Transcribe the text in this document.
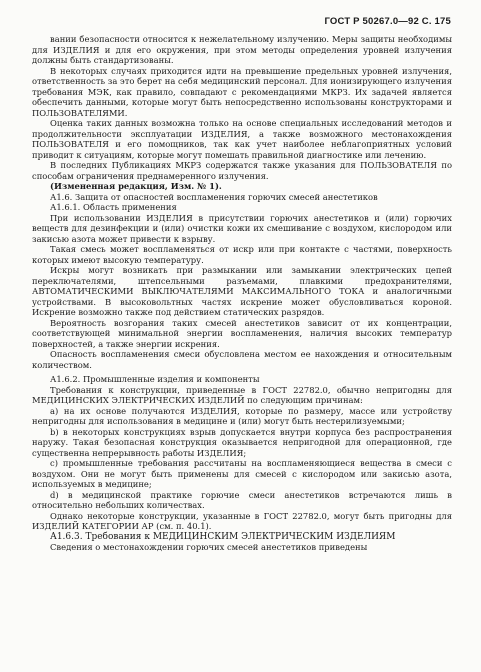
ГОСТ Р 50267.0—92 С. 175

вании безопасности относится к нежелательному излучению. Меры защиты необходимы для ИЗДЕЛИЯ и для его окружения, при этом методы определения уровней излучения должны быть стандартизованы.

В некоторых случаях приходится идти на превышение предельных уровней излучения, ответственность за это берет на себя медицинский персонал. Для ионизирующего излучения требования МЭК, как правило, совпадают с рекомендациями МКРЗ. Их задачей является обеспечить данными, которые могут быть непосредственно использованы конструкторами и ПОЛЬЗОВАТЕЛЯМИ.

Оценка таких данных возможна только на основе специальных исследований методов и продолжительности эксплуатации ИЗДЕЛИЯ, а также возможного местонахождения ПОЛЬЗОВАТЕЛЯ и его помощников, так как учет наиболее неблагоприятных условий приводит к ситуациям, которые могут помешать правильной диагностике или лечению.

В последних Публикациях МКРЗ содержатся также указания для ПОЛЬЗОВАТЕЛЯ по способам ограничения преднамеренного излучения.

(Измененная редакция, Изм. № 1).

А1.6. Защита от опасностей воспламенения горючих смесей анестетиков

А1.6.1. Область применения

При использовании ИЗДЕЛИЯ в присутствии горючих анестетиков и (или) горючих веществ для дезинфекции и (или) очистки кожи их смешивание с воздухом, кислородом или закисью азота может привести к взрыву.

Такая смесь может воспламеняться от искр или при контакте с частями, поверхность которых имеют высокую температуру.

Искры могут возникать при размыкании или замыкании электрических цепей переключателями, штепсельными разъемами, плавкими предохранителями, АВТОМАТИЧЕСКИМИ ВЫКЛЮЧАТЕЛЯМИ МАКСИМАЛЬНОГО ТОКА и аналогичными устройствами. В высоковольтных частях искрение может обусловливаться короной. Искрение возможно также под действием статических разрядов.

Вероятность возгорания таких смесей анестетиков зависит от их концентрации, соответствующей минимальной энергии воспламенения, наличия высоких температур поверхностей, а также энергии искрения.

Опасность воспламенения смеси обусловлена местом ее нахождения и относительным количеством.

А1.6.2. Промышленные изделия и компоненты

Требования к конструкции, приведенные в ГОСТ 22782.0, обычно непригодны для МЕДИЦИНСКИХ ЭЛЕКТРИЧЕСКИХ ИЗДЕЛИЙ по следующим причинам:

а) на их основе получаются ИЗДЕЛИЯ, которые по размеру, массе или устройству непригодны для использования в медицине и (или) могут быть нестерилизуемыми;

b) в некоторых конструкциях взрыв допускается внутри корпуса без распространения наружу. Такая безопасная конструкция оказывается непригодной для операционной, где существенна непрерывность работы ИЗДЕЛИЯ;

c) промышленные требования рассчитаны на воспламеняющиеся вещества в смеси с воздухом. Они не могут быть применены для смесей с кислородом или закисью азота, используемых в медицине;

d) в медицинской практике горючие смеси анестетиков встречаются лишь в относительно небольших количествах.

Однако некоторые конструкции, указанные в ГОСТ 22782.0, могут быть пригодны для ИЗДЕЛИЙ КАТЕГОРИИ АР (см. п. 40.1).

А1.6.3. Требования к МЕДИЦИНСКИМ ЭЛЕКТРИЧЕСКИМ ИЗДЕЛИЯМ

Сведения о местонахождении горючих смесей анестетиков приведены
